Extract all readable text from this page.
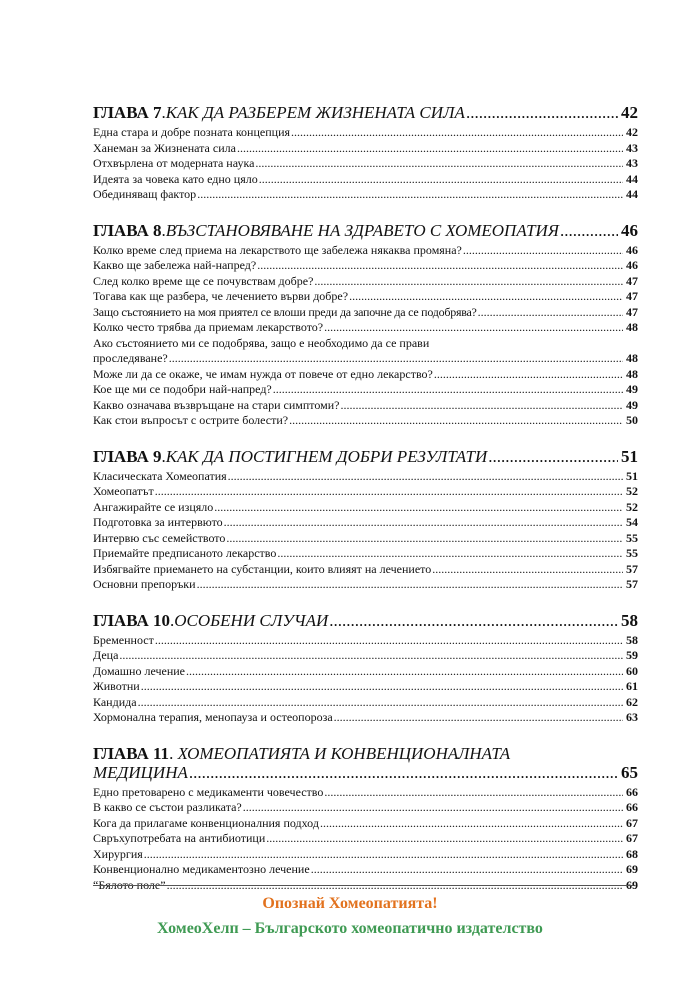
ГЛАВА 7 . КАК ДА РАЗБЕРЕМ ЖИЗНЕНАТА СИЛА .....	42
Една стара и добре позната концепция .....	42
Ханеман за Жизнената сила .....	43
Отхвърлена от модерната наука .....	43
Идеята за човека като едно цяло .....	44
Обединяващ фактор .....	44
ГЛАВА 8 . ВЪЗСТАНОВЯВАНЕ НА ЗДРАВЕТО С ХОМЕОПАТИЯ .....	46
Колко време след приема на лекарството ще забележа някаква промяна? .....	46
Какво ще забележа най-напред? .....	46
След колко време ще се почувствам добре? .....	47
Тогава как ще разбера, че лечението върви добре? .....	47
Защо състоянието на моя приятел се влоши преди да започне да се подобрява? .....	47
Колко често трябва да приемам лекарството? .....	48
Ако състоянието ми се подобрява, защо е необходимо да се прави
проследяване? .....	48
Може ли да се окаже, че имам нужда от повече от едно лекарство? .....	48
Кое ще ми се подобри най-напред? .....	49
Какво означава възвръщане на стари симптоми? .....	49
Как стои въпросът с острите болести? .....	50
ГЛАВА 9 . КАК ДА ПОСТИГНЕМ ДОБРИ РЕЗУЛТАТИ .....	51
Класическата Хомеопатия .....	51
Хомеопатът .....	52
Ангажирайте се изцяло .....	52
Подготовка за интервюто .....	54
Интервю със семейството .....	55
Приемайте предписаното лекарство .....	55
Избягвайте приемането на субстанции, които влияят на лечението .....	57
Основни препоръки .....	57
ГЛАВА 10 . ОСОБЕНИ СЛУЧАИ .....	58
Бременност .....	58
Деца .....	59
Домашно лечение .....	60
Животни .....	61
Кандида .....	62
Хормонална терапия, менопауза и остеопороза .....	63
ГЛАВА 11. ХОМЕОПАТИЯТА И КОНВЕНЦИОНАЛНАТА
МЕДИЦИНА .....	65
Едно претоварено с медикаменти човечество .....	66
В какво се състои разликата? .....	66
Кога да прилагаме конвенционалния подход .....	67
Свръхупотребата на антибиотици .....	67
Хирургия .....	68
Конвенционално медикаментозно лечение .....	69
“Бялото поле” .....	69
Опознай Хомеопатията!
ХомеоХелп – Българското хомеопатично издателство
